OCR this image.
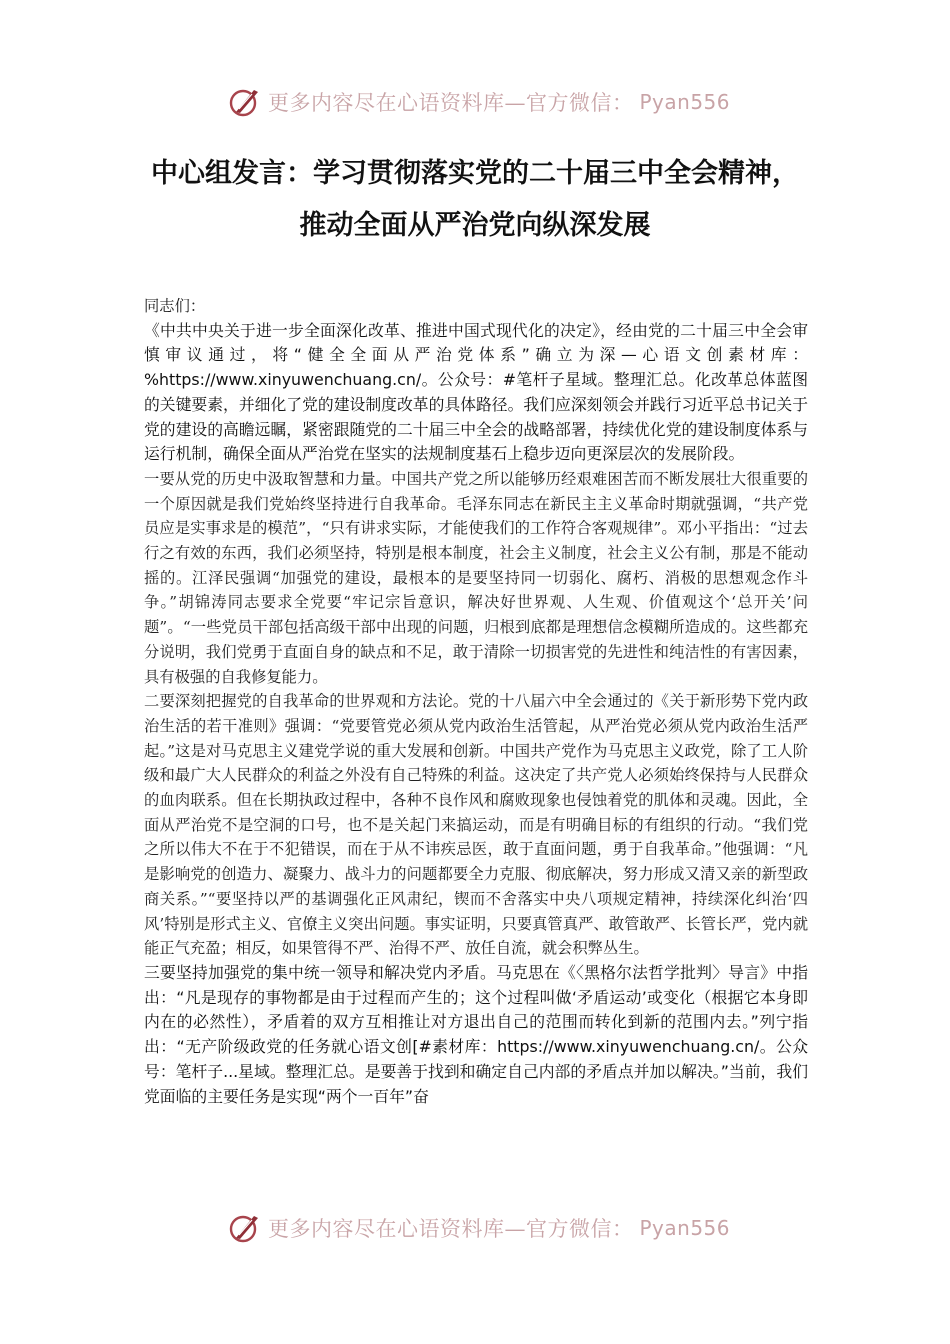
更多内容尽在心语资料库—官方微信： Pyan556
中心组发言：学习贯彻落实党的二十届三中全会精神，
推动全面从严治党向纵深发展

同志们：

《中共中央关于进一步全面深化改革、推进中国式现代化的决定》，经由党的二十届三中全会审慎审议通过，将“健全全面从严治党体系”确立为深—心语文创素材库：%https://www.xinyuwenchuang.cn/。公众号：#笔杆子星域。整理汇总。化改革总体蓝图的关键要素，并细化了党的建设制度改革的具体路径。我们应深刻领会并践行习近平总书记关于党的建设的高瞻远瞩，紧密跟随党的二十届三中全会的战略部署，持续优化党的建设制度体系与运行机制，确保全面从严治党在坚实的法规制度基石上稳步迈向更深层次的发展阶段。

一要从党的历史中汲取智慧和力量。中国共产党之所以能够历经艰难困苦而不断发展壮大很重要的一个原因就是我们党始终坚持进行自我革命。毛泽东同志在新民主主义革命时期就强调，“共产党员应是实事求是的模范”，“只有讲求实际，才能使我们的工作符合客观规律”。邓小平指出：“过去行之有效的东西，我们必须坚持，特别是根本制度，社会主义制度，社会主义公有制，那是不能动摇的。江泽民强调“加强党的建设，最根本的是要坚持同一切弱化、腐朽、消极的思想观念作斗争。”胡锦涛同志要求全党要“牢记宗旨意识，解决好世界观、人生观、价值观这个‘总开关’问题”。“一些党员干部包括高级干部中出现的问题，归根到底都是理想信念模糊所造成的。这些都充分说明，我们党勇于直面自身的缺点和不足，敢于清除一切损害党的先进性和纯洁性的有害因素，具有极强的自我修复能力。

二要深刻把握党的自我革命的世界观和方法论。党的十八届六中全会通过的《关于新形势下党内政治生活的若干准则》强调：“党要管党必须从党内政治生活管起，从严治党必须从党内政治生活严起。”这是对马克思主义建党学说的重大发展和创新。中国共产党作为马克思主义政党，除了工人阶级和最广大人民群众的利益之外没有自己特殊的利益。这决定了共产党人必须始终保持与人民群众的血肉联系。但在长期执政过程中，各种不良作风和腐败现象也侵蚀着党的肌体和灵魂。因此，全面从严治党不是空洞的口号，也不是关起门来搞运动，而是有明确目标的有组织的行动。“我们党之所以伟大不在于不犯错误，而在于从不讳疾忌医，敢于直面问题，勇于自我革命。”他强调：“凡是影响党的创造力、凝聚力、战斗力的问题都要全力克服、彻底解决，努力形成又清又亲的新型政商关系。”“要坚持以严的基调强化正风肃纪，锲而不舍落实中央八项规定精神，持续深化纠治‘四风’特别是形式主义、官僚主义突出问题。事实证明，只要真管真严、敢管敢严、长管长严，党内就能正气充盈；相反，如果管得不严、治得不严、放任自流，就会积弊丛生。

三要坚持加强党的集中统一领导和解决党内矛盾。马克思在《〈黑格尔法哲学批判〉导言》中指出：“凡是现存的事物都是由于过程而产生的；这个过程叫做‘矛盾运动’或变化（根据它本身即内在的必然性），矛盾着的双方互相推让对方退出自己的范围而转化到新的范围内去。”列宁指出：“无产阶级政党的任务就心语文创[#素材库：https://www.xinyuwenchuang.cn/。公众号：笔杆子...星域。整理汇总。是要善于找到和确定自己内部的矛盾点并加以解决。”当前，我们党面临的主要任务是实现“两个一百年”奋

更多内容尽在心语资料库—官方微信： Pyan556
